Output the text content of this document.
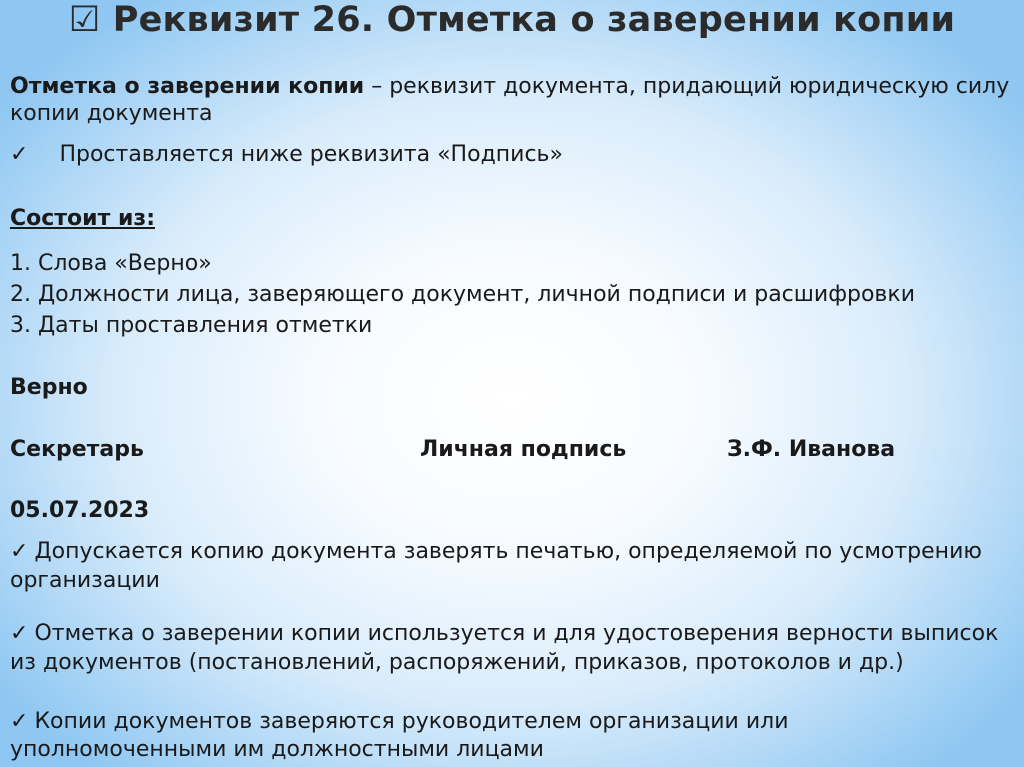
☑ Реквизит 26. Отметка о заверении копии
Отметка о заверении копии – реквизит документа, придающий юридическую силу
копии документа
✓ Проставляется ниже реквизита «Подпись»
Состоит из:
1. Слова «Верно»
2. Должности лица, заверяющего документ, личной подписи и расшифровки
3. Даты проставления отметки
Верно
Секретарь	Личная подпись	З.Ф. Иванова
05.07.2023
✓ Допускается копию документа заверять печатью, определяемой по усмотрению
организации
✓ Отметка о заверении копии используется и для удостоверения верности выписок
из документов (постановлений, распоряжений, приказов, протоколов и др.)
✓ Копии документов заверяются руководителем организации или
уполномоченными им должностными лицами
